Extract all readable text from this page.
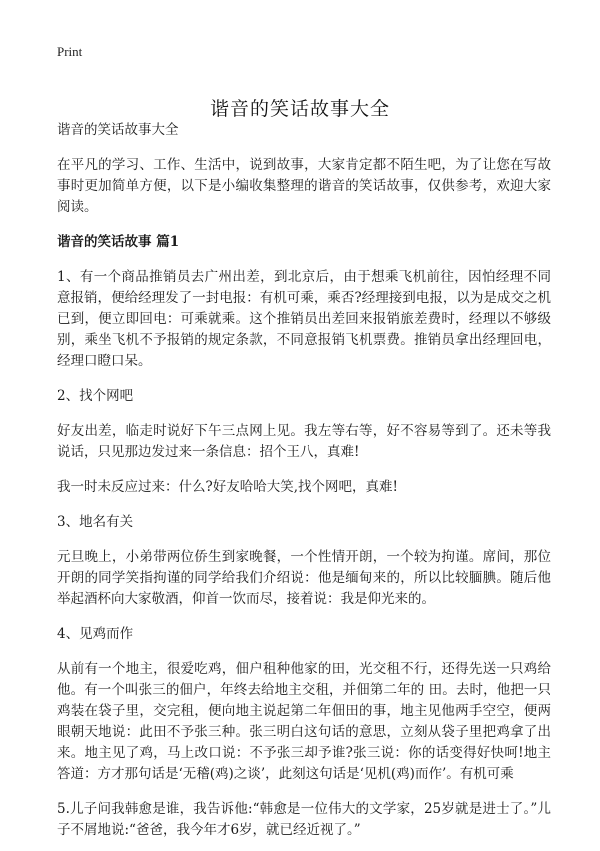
Print
谐音的笑话故事大全

谐音的笑话故事大全

在平凡的学习、工作、生活中，说到故事，大家肯定都不陌生吧，为了让您在写故事时更加简单方便，以下是小编收集整理的谐音的笑话故事，仅供参考，欢迎大家阅读。

谐音的笑话故事 篇1

1、有一个商品推销员去广州出差，到北京后，由于想乘飞机前往，因怕经理不同意报销，便给经理发了一封电报：有机可乘，乘否?经理接到电报，以为是成交之机已到，便立即回电：可乘就乘。这个推销员出差回来报销旅差费时，经理以不够级别，乘坐飞机不予报销的规定条款，不同意报销飞机票费。推销员拿出经理回电，经理口瞪口呆。

2、找个网吧

好友出差，临走时说好下午三点网上见。我左等右等，好不容易等到了。还未等我说话，只见那边发过来一条信息：招个王八，真难!

我一时未反应过来：什么?好友哈哈大笑,找个网吧，真难!

3、地名有关

元旦晚上，小弟带两位侨生到家晚餐，一个性情开朗，一个较为拘谨。席间，那位开朗的同学笑指拘谨的同学给我们介绍说：他是缅甸来的，所以比较腼腆。随后他举起酒杯向大家敬酒，仰首一饮而尽，接着说：我是仰光来的。

4、见鸡而作

从前有一个地主，很爱吃鸡，佃户租种他家的田，光交租不行，还得先送一只鸡给他。有一个叫张三的佃户，年终去给地主交租，并佃第二年的 田。去时，他把一只鸡装在袋子里，交完租，便向地主说起第二年佃田的事，地主见他两手空空，便两眼朝天地说：此田不予张三种。张三明白这句话的意思，立刻从袋子里把鸡拿了出来。地主见了鸡，马上改口说：不予张三却予谁?张三说：你的话变得好快呵!地主答道：方才那句话是‘无稽(鸡)之谈’，此刻这句话是‘见机(鸡)而作’。有机可乘

5.儿子问我韩愈是谁，我告诉他:“韩愈是一位伟大的文学家，25岁就是进士了。”儿子不屑地说:“爸爸，我今年才6岁，就已经近视了。”
